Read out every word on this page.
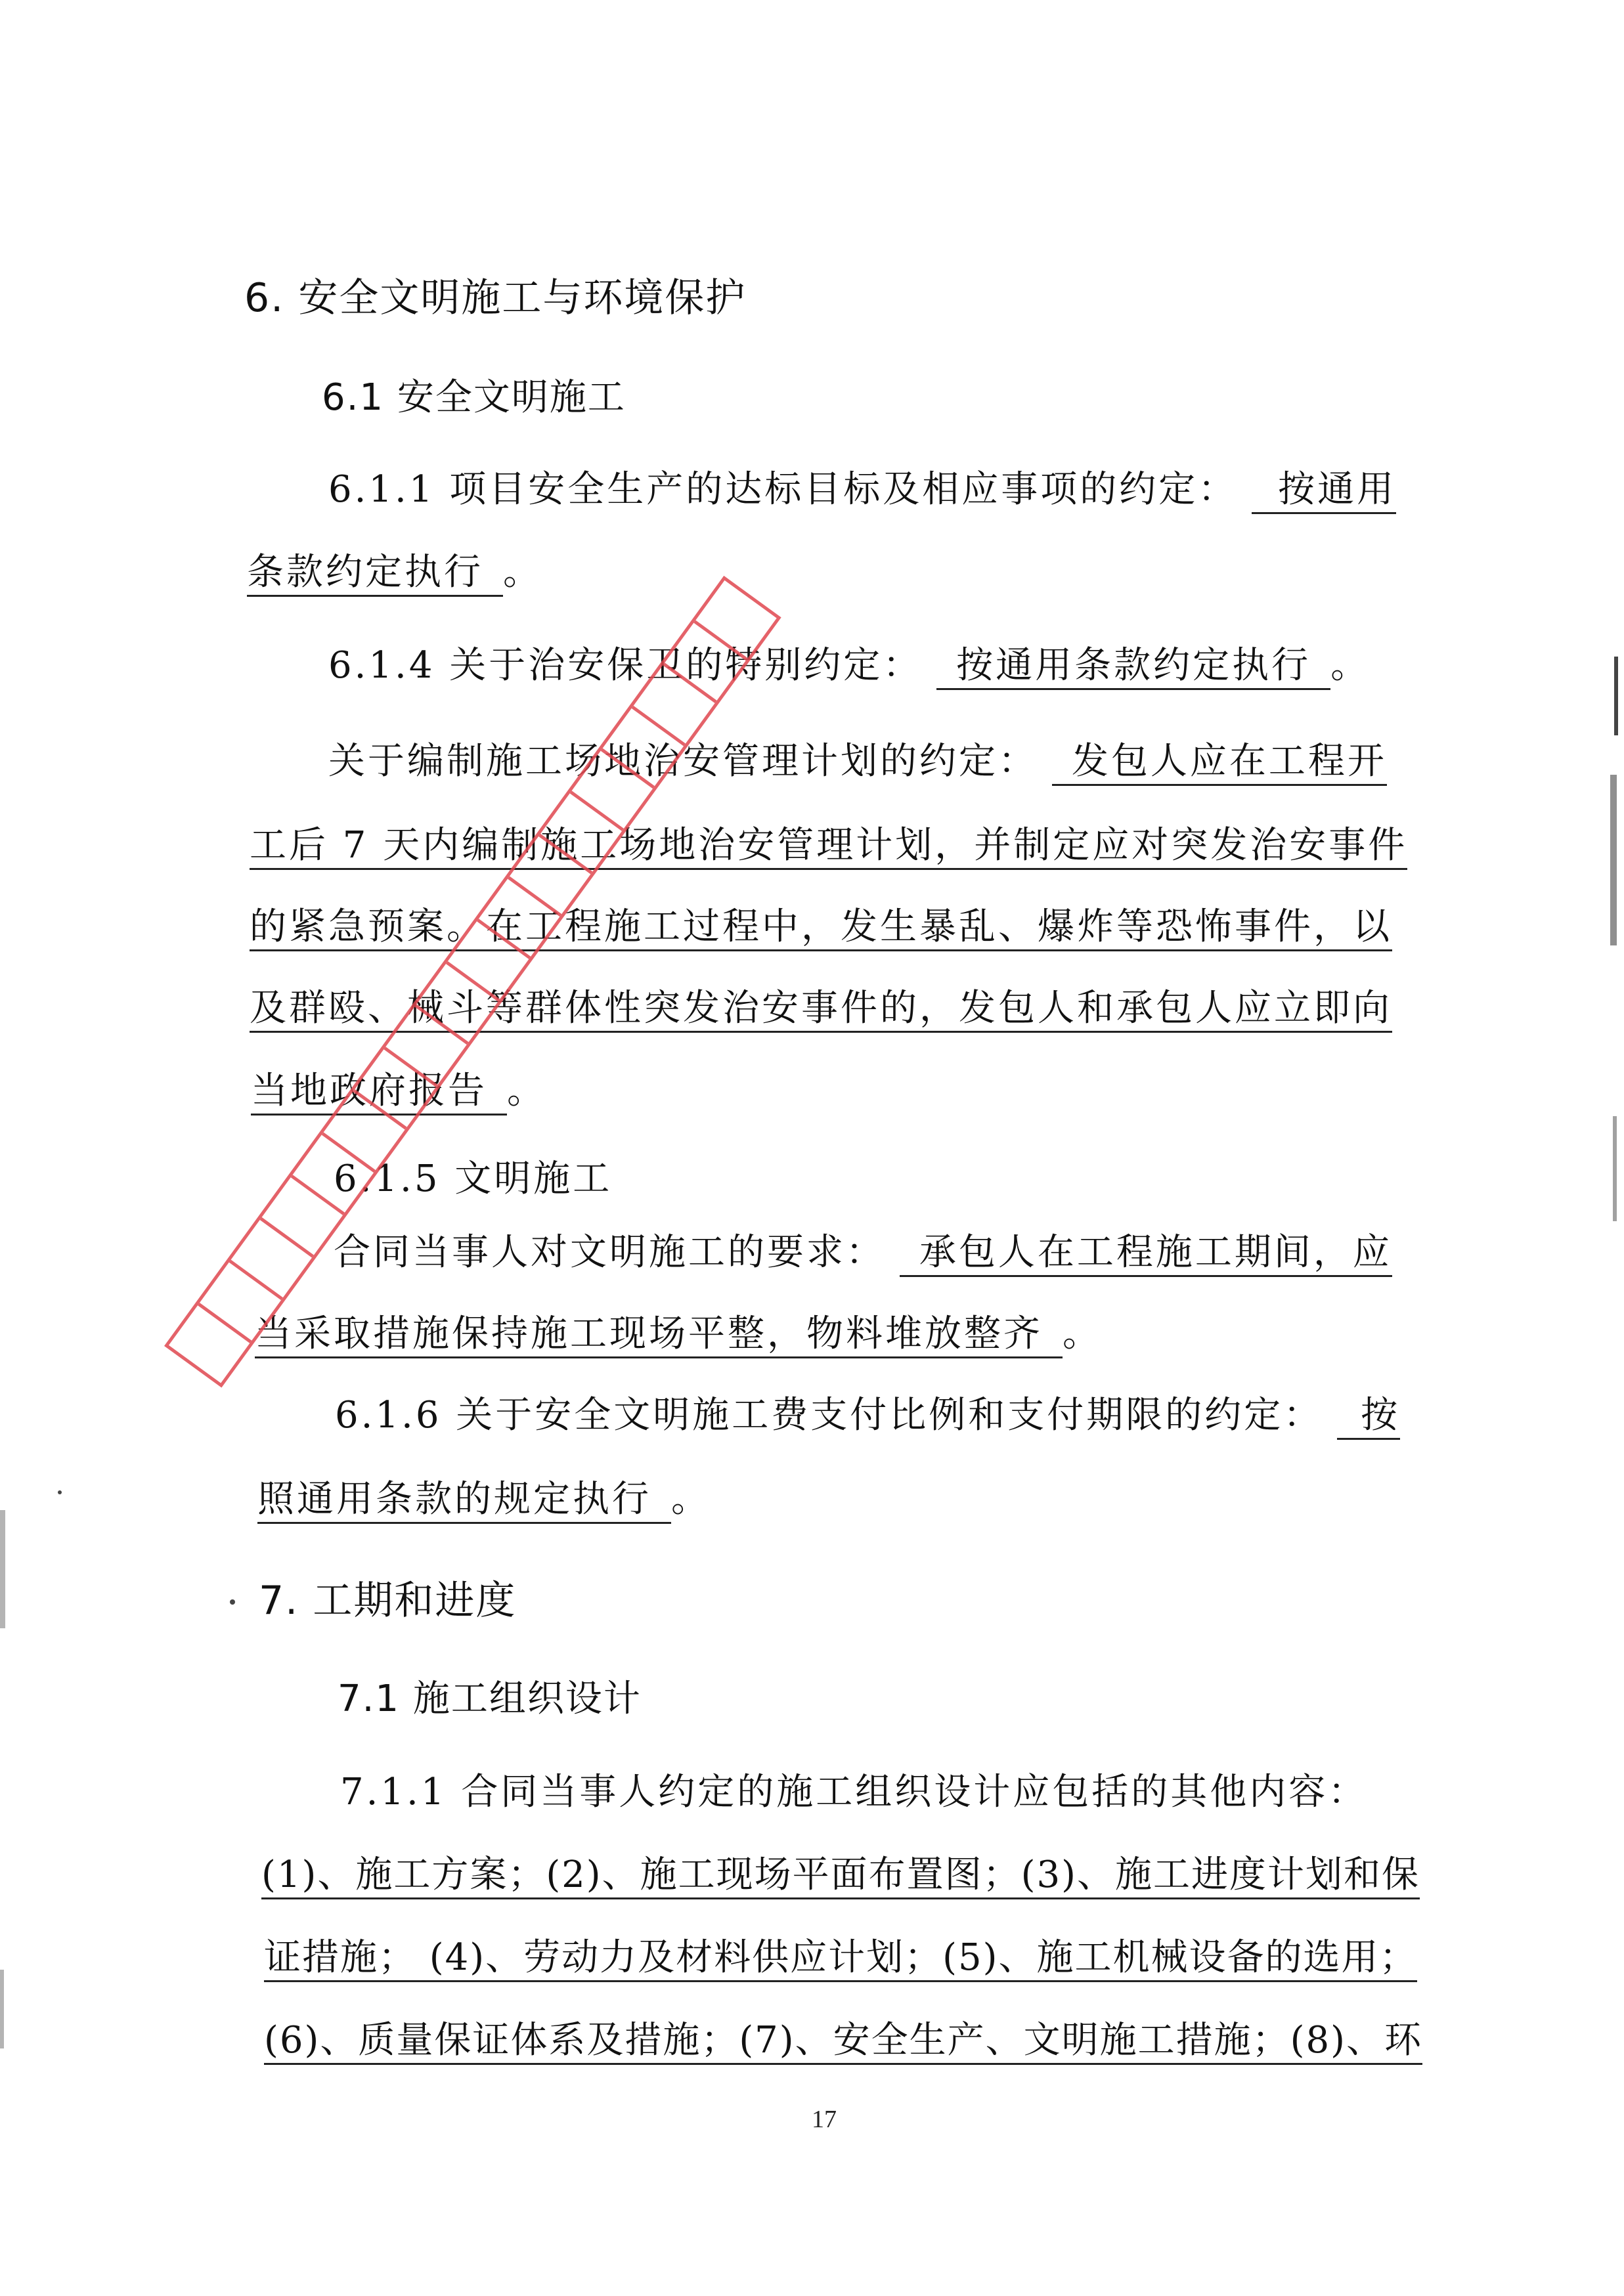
6. 安全文明施工与环境保护
6.1 安全文明施工
6.1.1 项目安全生产的达标目标及相应事项的约定： 按通用
条款约定执行 。
6.1.4 关于治安保卫的特别约定： 按通用条款约定执行 。
关于编制施工场地治安管理计划的约定： 发包人应在工程开
工后 7 天内编制施工场地治安管理计划，并制定应对突发治安事件
的紧急预案。在工程施工过程中，发生暴乱、爆炸等恐怖事件，以
及群殴、械斗等群体性突发治安事件的，发包人和承包人应立即向
当地政府报告 。
6.1.5 文明施工
合同当事人对文明施工的要求： 承包人在工程施工期间，应
当采取措施保持施工现场平整，物料堆放整齐 。
6.1.6 关于安全文明施工费支付比例和支付期限的约定： 按
照通用条款的规定执行 。
7. 工期和进度
7.1 施工组织设计
7.1.1 合同当事人约定的施工组织设计应包括的其他内容：
(1)、施工方案；(2)、施工现场平面布置图；(3)、施工进度计划和保
证措施； (4)、劳动力及材料供应计划；(5)、施工机械设备的选用；
(6)、质量保证体系及措施；(7)、安全生产、文明施工措施；(8)、环
17
